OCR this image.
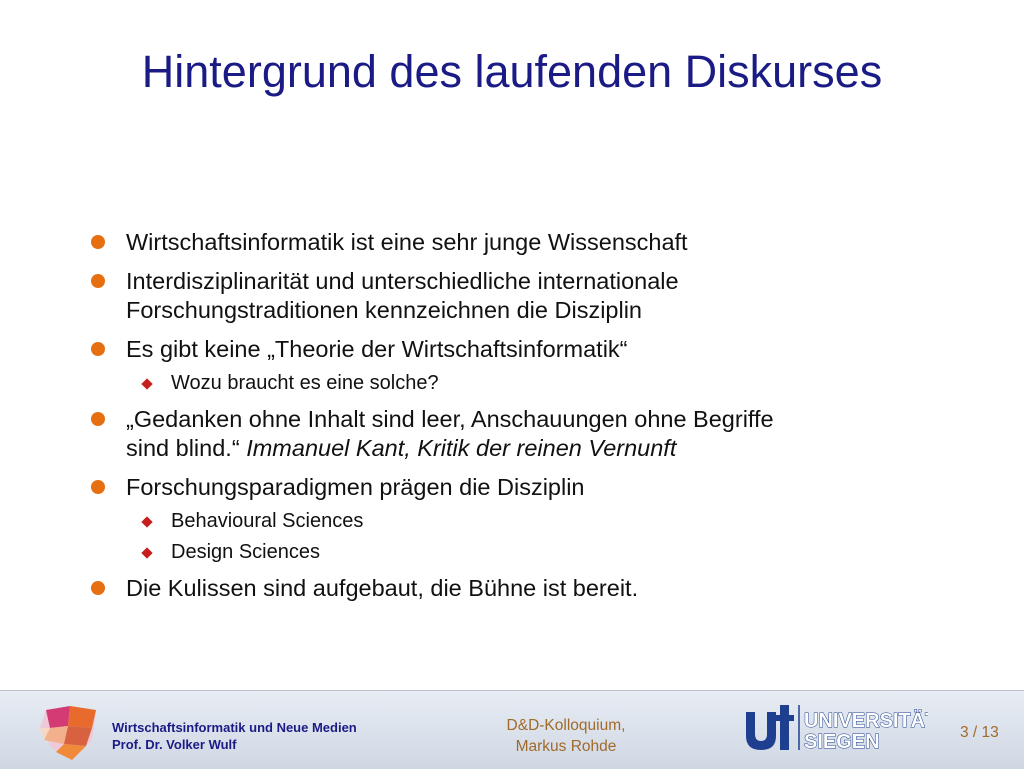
Hintergrund des laufenden Diskurses
Wirtschaftsinformatik ist eine sehr junge Wissenschaft
Interdisziplinarität und unterschiedliche internationale
Forschungstraditionen kennzeichnen die Disziplin
Es gibt keine „Theorie der Wirtschaftsinformatik“
Wozu braucht es eine solche?
„Gedanken ohne Inhalt sind leer, Anschauungen ohne Begriffe
sind blind.“ Immanuel Kant, Kritik der reinen Vernunft
Forschungsparadigmen prägen die Disziplin
Behavioural Sciences
Design Sciences
Die Kulissen sind aufgebaut, die Bühne ist bereit.
Wirtschaftsinformatik und Neue Medien
Prof. Dr. Volker Wulf
D&D-Kolloquium,
Markus Rohde
UNIVERSITÄT
SIEGEN	3 / 13
